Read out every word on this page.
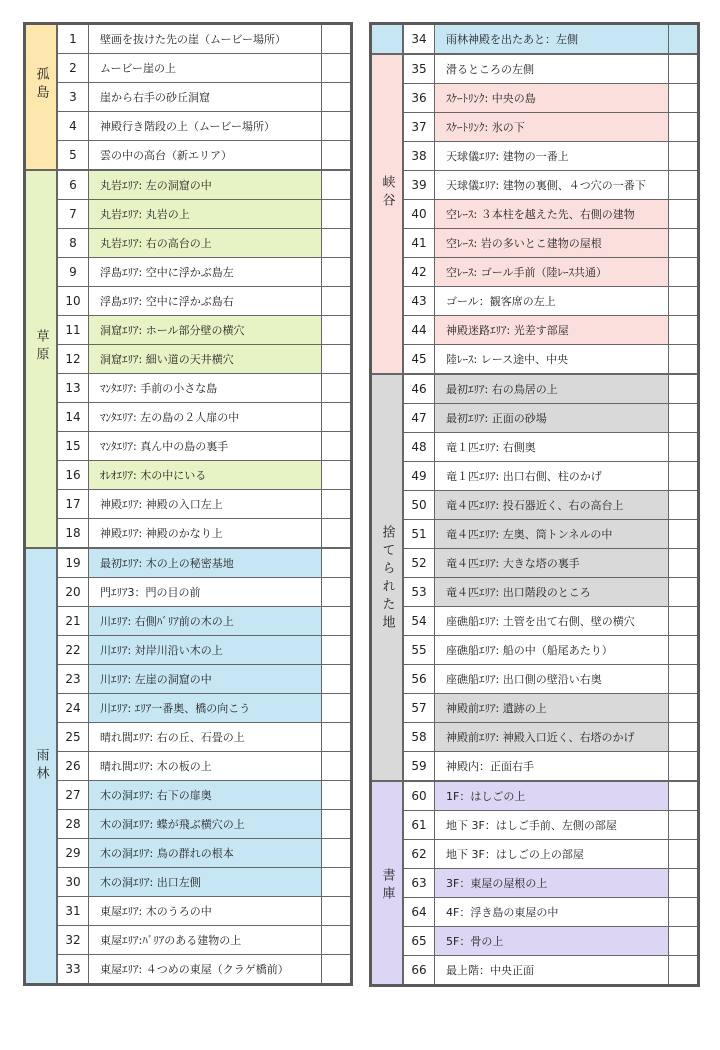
孤島
1	壁画を抜けた先の崖（ムービー場所）
2	ムービー崖の上
3	崖から右手の砂丘洞窟
4	神殿行き階段の上（ムービー場所）
5	雲の中の高台（新エリア）
草原
6	丸岩ｴﾘｱ: 左の洞窟の中
7	丸岩ｴﾘｱ: 丸岩の上
8	丸岩ｴﾘｱ: 右の高台の上
9	浮島ｴﾘｱ: 空中に浮かぶ島左
10	浮島ｴﾘｱ: 空中に浮かぶ島右
11	洞窟ｴﾘｱ: ホール部分壁の横穴
12	洞窟ｴﾘｱ: 細い道の天井横穴
13	ﾏﾝﾀｴﾘｱ: 手前の小さな島
14	ﾏﾝﾀｴﾘｱ: 左の島の２人扉の中
15	ﾏﾝﾀｴﾘｱ: 真ん中の島の裏手
16	ｵﾚｵｴﾘｱ: 木の中にいる
17	神殿ｴﾘｱ: 神殿の入口左上
18	神殿ｴﾘｱ: 神殿のかなり上
雨林
19	最初ｴﾘｱ: 木の上の秘密基地
20	門ｴﾘｱ3：門の目の前
21	川ｴﾘｱ: 右側ﾊﾞﾘｱ前の木の上
22	川ｴﾘｱ: 対岸川沿い木の上
23	川ｴﾘｱ: 左崖の洞窟の中
24	川ｴﾘｱ: ｴﾘｱ一番奥、橋の向こう
25	晴れ間ｴﾘｱ: 右の丘、石畳の上
26	晴れ間ｴﾘｱ: 木の板の上
27	木の洞ｴﾘｱ: 右下の扉奥
28	木の洞ｴﾘｱ: 蝶が飛ぶ横穴の上
29	木の洞ｴﾘｱ: 鳥の群れの根本
30	木の洞ｴﾘｱ: 出口左側
31	東屋ｴﾘｱ: 木のうろの中
32	東屋ｴﾘｱ:ﾊﾞﾘｱのある建物の上
33	東屋ｴﾘｱ: ４つめの東屋（クラゲ橋前）
34	雨林神殿を出たあと：左側
峡谷
35	滑るところの左側
36	ｽｹｰﾄﾘﾝｸ: 中央の島
37	ｽｹｰﾄﾘﾝｸ: 氷の下
38	天球儀ｴﾘｱ: 建物の一番上
39	天球儀ｴﾘｱ: 建物の裏側、４つ穴の一番下
40	空ﾚｰｽ: ３本柱を越えた先、右側の建物
41	空ﾚｰｽ: 岩の多いとこ建物の屋根
42	空ﾚｰｽ: ゴール手前（陸ﾚｰｽ共通）
43	ゴール：観客席の左上
44	神殿迷路ｴﾘｱ: 光差す部屋
45	陸ﾚｰｽ: レース途中、中央
捨てられた地
46	最初ｴﾘｱ: 右の鳥居の上
47	最初ｴﾘｱ: 正面の砂場
48	竜１匹ｴﾘｱ: 右側奥
49	竜１匹ｴﾘｱ: 出口右側、柱のかげ
50	竜４匹ｴﾘｱ: 投石器近く、右の高台上
51	竜４匹ｴﾘｱ: 左奥、筒トンネルの中
52	竜４匹ｴﾘｱ: 大きな塔の裏手
53	竜４匹ｴﾘｱ: 出口階段のところ
54	座礁船ｴﾘｱ: 土管を出て右側、壁の横穴
55	座礁船ｴﾘｱ: 船の中（船尾あたり）
56	座礁船ｴﾘｱ: 出口側の壁沿い右奥
57	神殿前ｴﾘｱ: 遺跡の上
58	神殿前ｴﾘｱ: 神殿入口近く、右塔のかげ
59	神殿内：正面右手
書庫
60	1F：はしごの上
61	地下 3F：はしご手前、左側の部屋
62	地下 3F：はしごの上の部屋
63	3F：東屋の屋根の上
64	4F：浮き島の東屋の中
65	5F：骨の上
66	最上階：中央正面
